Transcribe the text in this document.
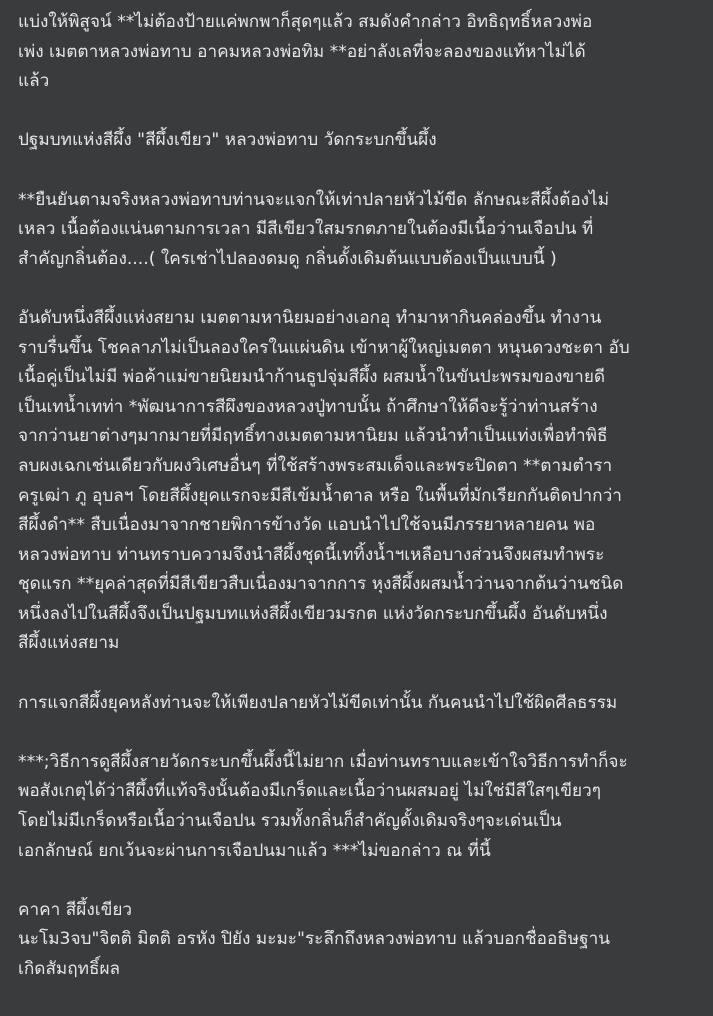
แบ่งให้พิสูจน์ **ไม่ต้องป้ายแค่พกพาก็สุดๆแล้ว สมดังคำกล่าว อิทธิฤทธิ์หลวงพ่อ
เพ่ง เมตตาหลวงพ่อทาบ อาคมหลวงพ่อทิม **อย่าลังเลที่จะลองของแท้หาไม่ได้
แล้ว

ปฐมบทแห่งสีผึ้ง "สีผึ้งเขียว" หลวงพ่อทาบ วัดกระบกขึ้นผึ้ง

**ยืนยันตามจริงหลวงพ่อทาบท่านจะแจกให้เท่าปลายหัวไม้ขีด ลักษณะสีผึ้งต้องไม่
เหลว เนื้อต้องแน่นตามการเวลา มีสีเขียวใสมรกตภายในต้องมีเนื้อว่านเจือปน ที่
สำคัญกลิ่นต้อง....( ใครเช่าไปลองดมดู กลิ่นดั้งเดิมต้นแบบต้องเป็นแบบนี้ )

อันดับหนึ่งสีผึ้งแห่งสยาม เมตตามหานิยมอย่างเอกอุ ทำมาหากินคล่องขึ้น ทำงาน
ราบรื่นขึ้น โชคลาภไม่เป็นลองใครในแผ่นดิน เข้าหาผู้ใหญ่เมตตา หนุนดวงชะตา อับ
เนื้อคู่เป็นไม่มี พ่อค้าแม่ขายนิยมนำก้านธูปจุ่มสีผึ้ง ผสมน้ำในขันปะพรมของขายดี
เป็นเทน้ำเทท่า *พัฒนาการสีผึงของหลวงปู่ทาบนั้น ถ้าศึกษาให้ดีจะรู้ว่าท่านสร้าง
จากว่านยาต่างๆมากมายที่มีฤทธิ์ทางเมตตามหานิยม แล้วนำทำเป็นแท่งเพื่อทำพิธี
ลบผงเฉกเช่นเดียวกับผงวิเศษอื่นๆ ที่ใช้สร้างพระสมเด็จและพระปิดตา **ตามตำรา
ครูเฒ่า ภู อุบลฯ โดยสีผึ้งยุคแรกจะมีสีเข้มน้ำตาล หรือ ในพื้นที่มักเรียกกันติดปากว่า
สีผึ้งดำ** สืบเนื่องมาจากชายพิการข้างวัด แอบนำไปใช้จนมีภรรยาหลายคน พอ
หลวงพ่อทาบ ท่านทราบความจึงนำสีผึ้งชุดนี้เททิ้งน้ำฯเหลือบางส่วนจึงผสมทำพระ
ชุดแรก **ยุคล่าสุดที่มีสีเขียวสืบเนื่องมาจากการ หุงสีผึ้งผสมน้ำว่านจากต้นว่านชนิด
หนึ่งลงไปในสีผึ้งจึงเป็นปฐมบทแห่งสีผึ้งเขียวมรกต แห่งวัดกระบกขึ้นผึ้ง อันดับหนึ่ง
สีผึ้งแห่งสยาม

การแจกสีผึ้งยุคหลังท่านจะให้เพียงปลายหัวไม้ขีดเท่านั้น กันคนนำไปใช้ผิดศีลธรรม

***;วิธีการดูสีผึ้งสายวัดกระบกขึ้นผึ้งนี้ไม่ยาก เมื่อท่านทราบและเข้าใจวิธีการทำก็จะ
พอสังเกตุได้ว่าสีผึ้งที่แท้จริงนั้นต้องมีเกร็ดและเนื้อว่านผสมอยู่ ไม่ใช่มีสีใสๆเขียวๆ
โดยไม่มีเกร็ดหรือเนื้อว่านเจือปน รวมทั้งกลิ่นก็สำคัญดั้งเดิมจริงๆจะเด่นเป็น
เอกลักษณ์ ยกเว้นจะผ่านการเจือปนมาแล้ว ***ไม่ขอกล่าว ณ ที่นี้

คาคา สีผึ้งเขียว
นะโม3จบ"จิตติ มิตติ อรหัง ปิยัง มะมะ"ระลึกถึงหลวงพ่อทาบ แล้วบอกชื่ออธิษฐาน
เกิดสัมฤทธิ์ผล
